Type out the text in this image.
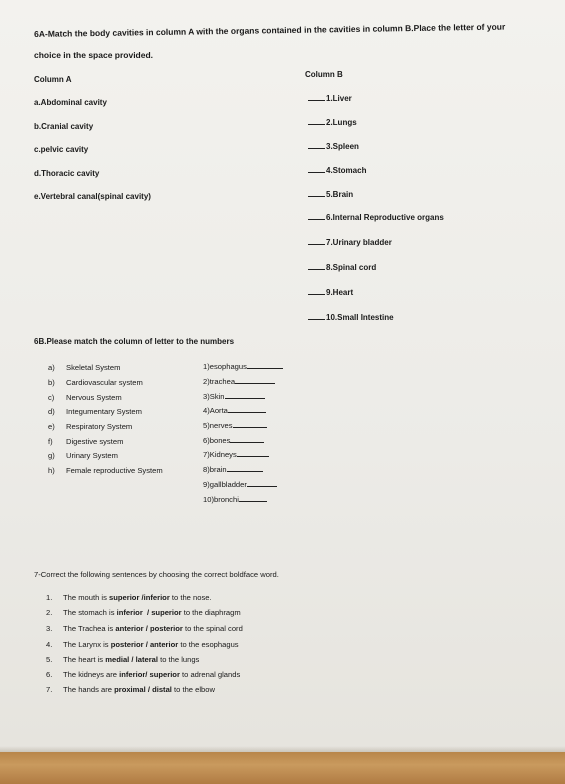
6A-Match the body cavities in column A with the organs contained in the cavities in column B.Place the letter of your
choice in the space provided.
Column A
Column B
a.Abdominal cavity
b.Cranial cavity
c.pelvic cavity
d.Thoracic cavity
e.Vertebral canal(spinal cavity)
1.Liver
2.Lungs
3.Spleen
4.Stomach
5.Brain
6.Internal Reproductive organs
7.Urinary bladder
8.Spinal cord
9.Heart
10.Small Intestine
6B.Please match the column of letter to the numbers
a)
b)
c)
d)
e)
f)
g)
h)
Skeletal System
Cardiovascular system
Nervous System
Integumentary System
Respiratory System
Digestive system
Urinary System
Female reproductive System
1)esophagus
2)trachea
3)Skin
4)Aorta
5)nerves
6)bones
7)Kidneys
8)brain
9)gallbladder
10)bronchi
7-Correct the following sentences by choosing the correct boldface word.
1.
2.
3.
4.
5.
6.
7.
The mouth is superior /inferior to the nose.
The stomach is inferior  / superior to the diaphragm
The Trachea is anterior / posterior to the spinal cord
The Larynx is posterior / anterior to the esophagus
The heart is medial / lateral to the lungs
The kidneys are inferior/ superior to adrenal glands
The hands are proximal / distal to the elbow
